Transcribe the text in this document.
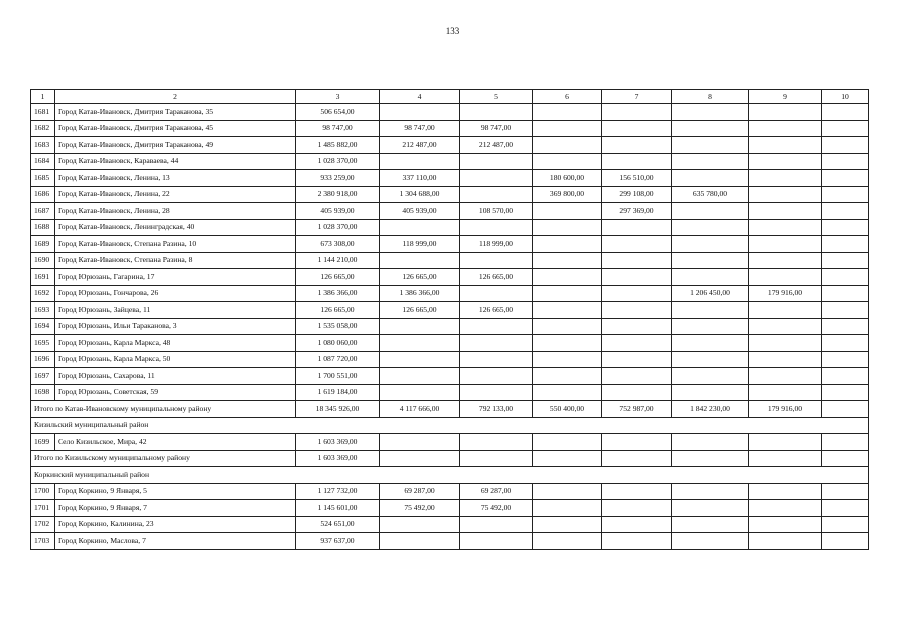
133
1	2	3	4	5	6	7	8	9	10
1681	Город Катав-Ивановск, Дмитрия Тараканова, 35	506 654,00							
1682	Город Катав-Ивановск, Дмитрия Тараканова, 45	98 747,00	98 747,00	98 747,00					
1683	Город Катав-Ивановск, Дмитрия Тараканова, 49	1 485 882,00	212 487,00	212 487,00					
1684	Город Катав-Ивановск, Караваева, 44	1 028 370,00							
1685	Город Катав-Ивановск, Ленина, 13	933 259,00	337 110,00		180 600,00	156 510,00			
1686	Город Катав-Ивановск, Ленина, 22	2 380 918,00	1 304 688,00		369 800,00	299 108,00	635 780,00		
1687	Город Катав-Ивановск, Ленина, 28	405 939,00	405 939,00	108 570,00		297 369,00			
1688	Город Катав-Ивановск, Ленинградская, 40	1 028 370,00							
1689	Город Катав-Ивановск, Степана Разина, 10	673 308,00	118 999,00	118 999,00					
1690	Город Катав-Ивановск, Степана Разина, 8	1 144 210,00							
1691	Город Юрюзань, Гагарина, 17	126 665,00	126 665,00	126 665,00					
1692	Город Юрюзань, Гончарова, 26	1 386 366,00	1 386 366,00				1 206 450,00	179 916,00	
1693	Город Юрюзань, Зайцева, 11	126 665,00	126 665,00	126 665,00					
1694	Город Юрюзань, Ильи Тараканова, 3	1 535 058,00							
1695	Город Юрюзань, Карла Маркса, 48	1 080 060,00							
1696	Город Юрюзань, Карла Маркса, 50	1 087 720,00							
1697	Город Юрюзань, Сахарова, 11	1 700 551,00							
1698	Город Юрюзань, Советская, 59	1 619 184,00							
Итого по Катав-Ивановскому муниципальному району		18 345 926,00	4 117 666,00	792 133,00	550 400,00	752 987,00	1 842 230,00	179 916,00	
Кизильский муниципальный район									
1699	Село Кизильское, Мира, 42	1 603 369,00							
Итого по Кизильскому муниципальному району		1 603 369,00							
Коркинский муниципальный район									
1700	Город Коркино, 9 Января, 5	1 127 732,00	69 287,00	69 287,00					
1701	Город Коркино, 9 Января, 7	1 145 601,00	75 492,00	75 492,00					
1702	Город Коркино, Калинина, 23	524 651,00							
1703	Город Коркино, Маслова, 7	937 637,00							
